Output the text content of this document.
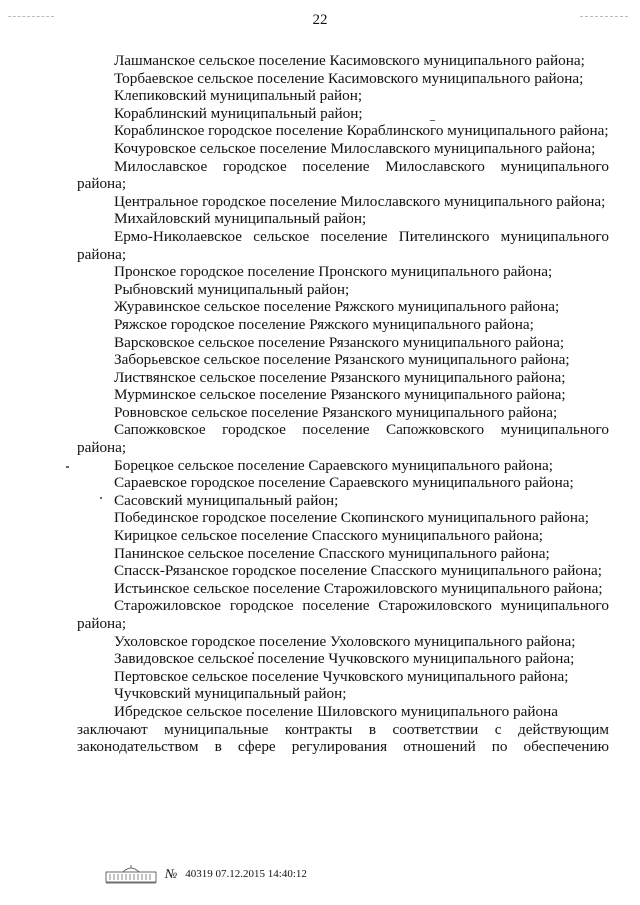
22

Лашманское сельское поселение Касимовского муниципального района;

Торбаевское сельское поселение Касимовского муниципального района;

Клепиковский муниципальный район;

Кораблинский муниципальный район;

Кораблинское городское поселение Кораблинского муниципального района;

Кочуровское сельское поселение Милославского муниципального района;

Милославское городское поселение Милославского муниципального района;

Центральное городское поселение Милославского муниципального района;

Михайловский муниципальный район;

Ермо-Николаевское сельское поселение Пителинского муниципального района;

Пронское городское поселение Пронского муниципального района;

Рыбновский муниципальный район;

Журавинское сельское поселение Ряжского муниципального района;

Ряжское городское поселение Ряжского муниципального района;

Варсковское сельское поселение Рязанского муниципального района;

Заборьевское сельское поселение Рязанского муниципального района;

Листвянское сельское поселение Рязанского муниципального района;

Мурминское сельское поселение Рязанского муниципального района;

Ровновское сельское поселение Рязанского муниципального района;

Сапожковское городское поселение Сапожковского муниципального района;

Борецкое сельское поселение Сараевского муниципального района;

Сараевское городское поселение Сараевского муниципального района;

Сасовский муниципальный район;

Побединское городское поселение Скопинского муниципального района;

Кирицкое сельское поселение Спасского муниципального района;

Панинское сельское поселение Спасского муниципального района;

Спасск-Рязанское городское поселение Спасского муниципального района;

Истьинское сельское поселение Старожиловского муниципального района;

Старожиловское городское поселение Старожиловского муниципального района;

Ухоловское городское поселение Ухоловского муниципального района;

Завидовское сельское поселение Чучковского муниципального района;

Пертовское сельское поселение Чучковского муниципального района;

Чучковский муниципальный район;

Ибредское сельское поселение Шиловского муниципального района

заключают муниципальные контракты в соответствии с действующим
законодательством в сфере регулирования отношений по обеспечению
№ 40319 07.12.2015 14:40:12
